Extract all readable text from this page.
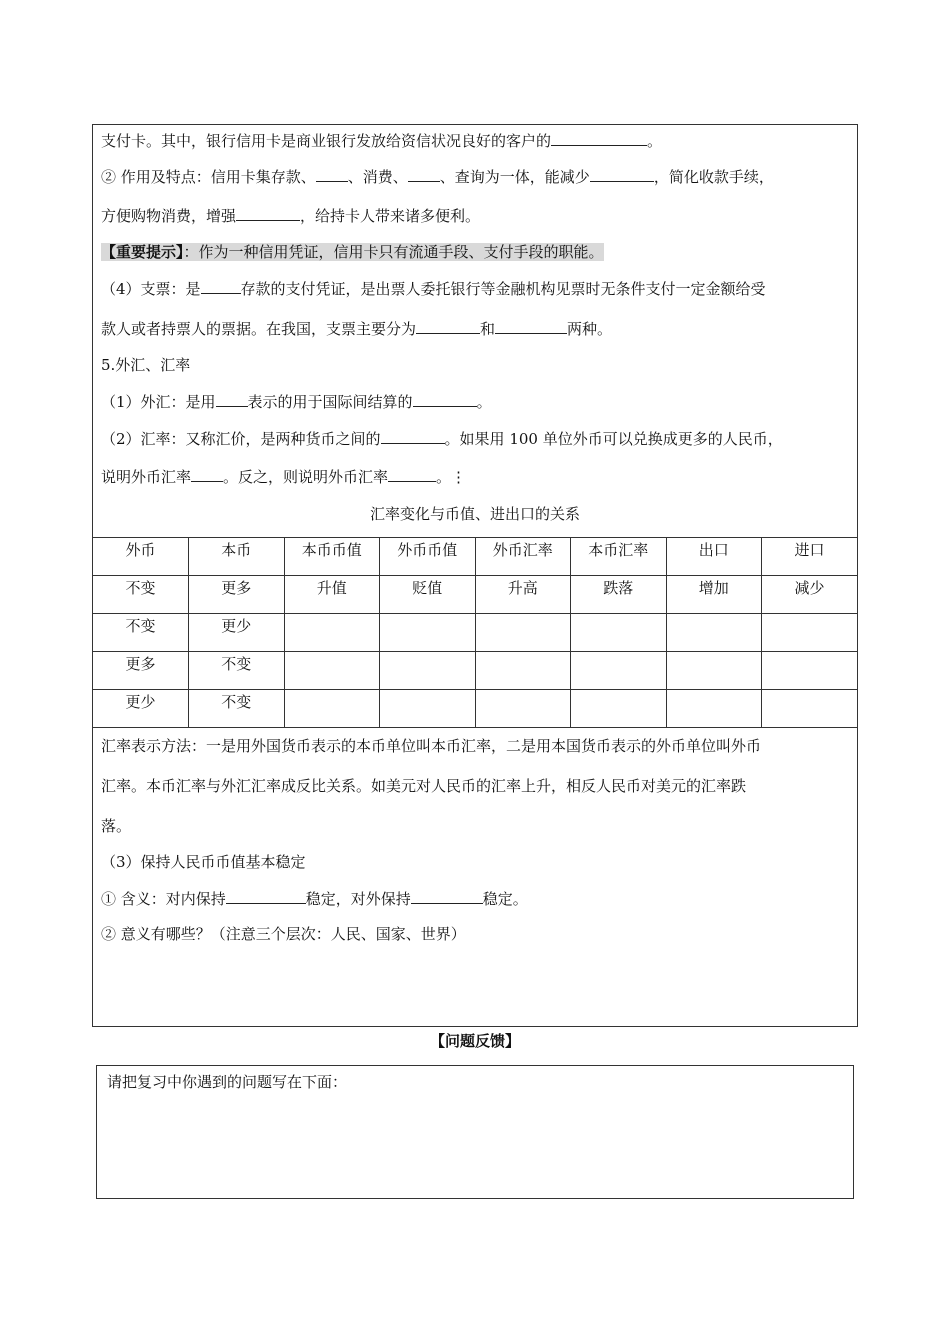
支付卡。其中，银行信用卡是商业银行发放给资信状况良好的客户的	。
② 作用及特点：信用卡集存款、 、消费、 、查询为一体，能减少	，简化收款手续，
方便购物消费，增强	，给持卡人带来诸多便利。
【重要提示】：作为一种信用凭证，信用卡只有流通手段、支付手段的职能。
（4）支票：是	存款的支付凭证，是出票人委托银行等金融机构见票时无条件支付一定金额给受
款人或者持票人的票据。在我国，支票主要分为	和	两种。
5.外汇、汇率
（1）外汇：是用 表示的用于国际间结算的	。
（2）汇率：又称汇价，是两种货币之间的	。如果用 100 单位外币可以兑换成更多的人民币，
说明外币汇率 。反之，则说明外币汇率	。⋮
汇率变化与币值、进出口的关系
外币	本币	本币币值	外币币值	外币汇率	本币汇率	出口	进口
不变	更多	升值	贬值	升高	跌落	增加	减少
不变	更少						
更多	不变						
更少	不变						
汇率表示方法：一是用外国货币表示的本币单位叫本币汇率，二是用本国货币表示的外币单位叫外币
汇率。本币汇率与外汇汇率成反比关系。如美元对人民币的汇率上升，相反人民币对美元的汇率跌
落。
（3）保持人民币币值基本稳定
① 含义：对内保持	稳定，对外保持	稳定。
② 意义有哪些？（注意三个层次：人民、国家、世界）
【问题反馈】
请把复习中你遇到的问题写在下面：
